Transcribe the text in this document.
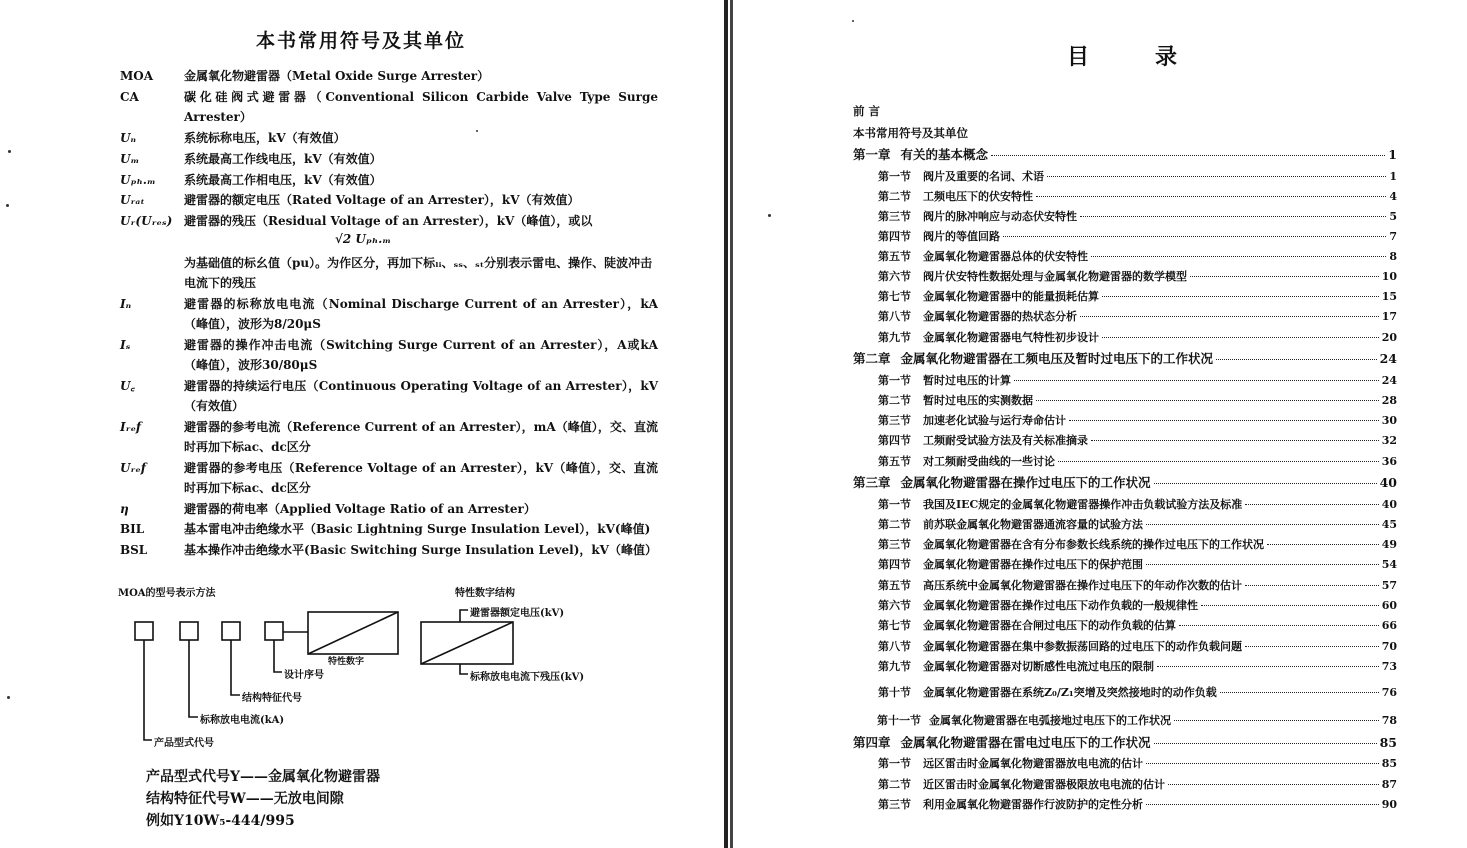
本书常用符号及其单位
MOA	金属氧化物避雷器（Metal Oxide Surge Arrester）
CA	碳化硅阀式避雷器（Conventional Silicon Carbide Valve Type Surge Arrester）
Uₙ	系统标称电压，kV（有效值）
Uₘ	系统最高工作线电压，kV（有效值）
Uₚₕ.ₘ	系统最高工作相电压，kV（有效值）
Uᵣₐₜ	避雷器的额定电压（Rated Voltage of an Arrester），kV（有效值）
Uᵣ(Uᵣₑₛ) 避雷器的残压（Residual Voltage of an Arrester），kV（峰值），或以
√2 Uₚₕ.ₘ
为基础值的标幺值（pu）。为作区分，再加下标ₗᵢ、ₛₛ、ₛₜ分别表示雷电、操作、陡波冲击电流下的残压
Iₙ	避雷器的标称放电电流（Nominal Discharge Current of an Arrester），kA（峰值），波形为8/20μS
Iₛ	避雷器的操作冲击电流（Switching Surge Current of an Arrester），A或kA（峰值），波形30/80μS
U꜀	避雷器的持续运行电压（Continuous Operating Voltage of an Arrester），kV（有效值）
Iᵣₑf	避雷器的参考电流（Reference Current of an Arrester），mA（峰值），交、直流时再加下标ac、dc区分
Uᵣₑf	避雷器的参考电压（Reference Voltage of an Arrester），kV（峰值），交、直流时再加下标ac、dc区分
η	避雷器的荷电率（Applied Voltage Ratio of an Arrester）
BIL	基本雷电冲击绝缘水平（Basic Lightning Surge Insulation Level），kV(峰值)
BSL	基本操作冲击绝缘水平(Basic Switching Surge Insulation Level)，kV（峰值）
MOA的型号表示方法	特性数字结构
特性数字
避雷器额定电压(kV)
标称放电电流下残压(kV)
设计序号
结构特征代号
标称放电电流(kA)
产品型式代号
产品型式代号Y——金属氧化物避雷器
结构特征代号W——无放电间隙
例如Y10W₅-444/995
目	录
前 言
本书常用符号及其单位
第一章 有关的基本概念	1
第一节 阀片及重要的名词、术语	1
第二节 工频电压下的伏安特性	4
第三节 阀片的脉冲响应与动态伏安特性	5
第四节 阀片的等值回路	7
第五节 金属氧化物避雷器总体的伏安特性	8
第六节 阀片伏安特性数据处理与金属氧化物避雷器的数学模型	10
第七节 金属氧化物避雷器中的能量损耗估算	15
第八节 金属氧化物避雷器的热状态分析	17
第九节 金属氧化物避雷器电气特性初步设计	20
第二章 金属氧化物避雷器在工频电压及暂时过电压下的工作状况	24
第一节 暂时过电压的计算	24
第二节 暂时过电压的实测数据	28
第三节 加速老化试验与运行寿命估计	30
第四节 工频耐受试验方法及有关标准摘录	32
第五节 对工频耐受曲线的一些讨论	36
第三章 金属氧化物避雷器在操作过电压下的工作状况	40
第一节 我国及IEC规定的金属氧化物避雷器操作冲击负载试验方法及标准	40
第二节 前苏联金属氧化物避雷器通流容量的试验方法	45
第三节 金属氧化物避雷器在含有分布参数长线系统的操作过电压下的工作状况	49
第四节 金属氧化物避雷器在操作过电压下的保护范围	54
第五节 高压系统中金属氧化物避雷器在操作过电压下的年动作次数的估计	57
第六节 金属氧化物避雷器在操作过电压下动作负载的一般规律性	60
第七节 金属氧化物避雷器在合闸过电压下的动作负载的估算	66
第八节 金属氧化物避雷器在集中参数振荡回路的过电压下的动作负载问题	70
第九节 金属氧化物避雷器对切断感性电流过电压的限制	73
第十节 金属氧化物避雷器在系统Z₀/Z₁突增及突然接地时的动作负载	76
第十一节 金属氧化物避雷器在电弧接地过电压下的工作状况	78
第四章 金属氧化物避雷器在雷电过电压下的工作状况	85
第一节 远区雷击时金属氧化物避雷器放电电流的估计	85
第二节 近区雷击时金属氧化物避雷器极限放电电流的估计	87
第三节 利用金属氧化物避雷器作行波防护的定性分析	90
